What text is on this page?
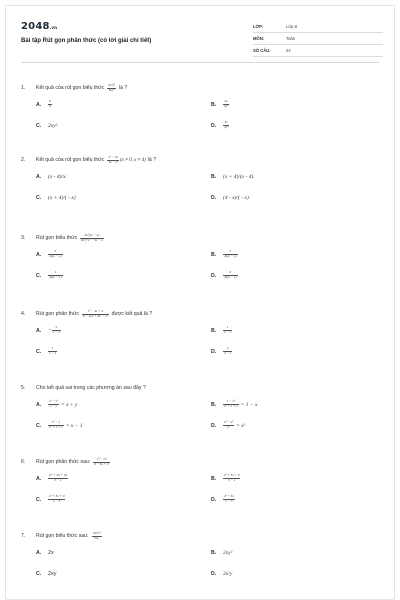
2048.vn
Bài tập Rút gọn phân thức (có lời giải chi tiết)
LỚP:	Lớp 8
MÔN:	Toán
SỐ CÂU:	24
1.	Kết quả của rút gọn biểu thức $\frac{\text{6x²y²}}{\text{8xy⁵}}$ là ?
A.	$\frac{6}{8}$	B.	$\frac{4x}{\text{3y³}}$
C.	2xy²	D.	$\frac{3x}{\text{4y³}}$
2.	Kết quả của rút gọn biểu thức $\frac{\text{x² − 16}}{\text{4x − x²}} (x \ne 0$, x ≠ 4) là ?
A.	(x - 4)/x.	B.	(x + 4)/(x - 4).
C.	(x + 4)/( - x)	D.	(4 - x)/( - x).
3.	Rút gọn biểu thức $\frac{\text{6x²y(x − 2)}}{\text{8x²y²x² − 3x − 2}}$
A.	$\frac{3}{4x(x - 1)}$	B.	$\frac{3}{4x(x - 1)}$
C.	$\frac{1}{4x(x - 1)}$	D.	$\frac{6}{4x(x - 1)}$
4.	Rút gọn phân thức $\frac{\text{x² − 4x + 4}}{\text{8 − 12x + 6x² − x³}}$ được kết quả là ?
A.	− $\frac{2}{x - 2}$	B.	$\frac{1}{2 - x}$
C.	$\frac{1}{x - 2}$	D.	$\frac{2}{2 - x}$
5.	Cho kết quả sai trong các phương án sau đây ?
A.	$\frac{\text{x² − y²}}{x - y} = x + y$	B.	$\frac{\text{1 − x³}}{\text{x² + x + 1}} = 1 - x$
C.	$\frac{\text{x³ − 1}}{\text{x² + x + 1}} = x - 1$	D.	$\frac{\text{x³ − x²}}{\text{y²}} = x^2$
6.	Rút gọn phân thức sau: $\frac{\text{x³ − 27}}{\text{9 − 6x + x²}}$
A.	$\frac{\text{(x² + 3x + 9)}}{3 - x}$	B.	$\frac{\text{x² + 3x + 9}}{3 - x}$
C.	$\frac{\text{x² + 3x + 9}}{x - 3}$	D.	$\frac{\text{x² + 3x}}{x - 3}$
7.	Rút gọn biểu thức sau: $\frac{\text{10x³y²}}{5xy}$
A.	2x	B.	2xy²
C.	2xy	D.	2x²y
